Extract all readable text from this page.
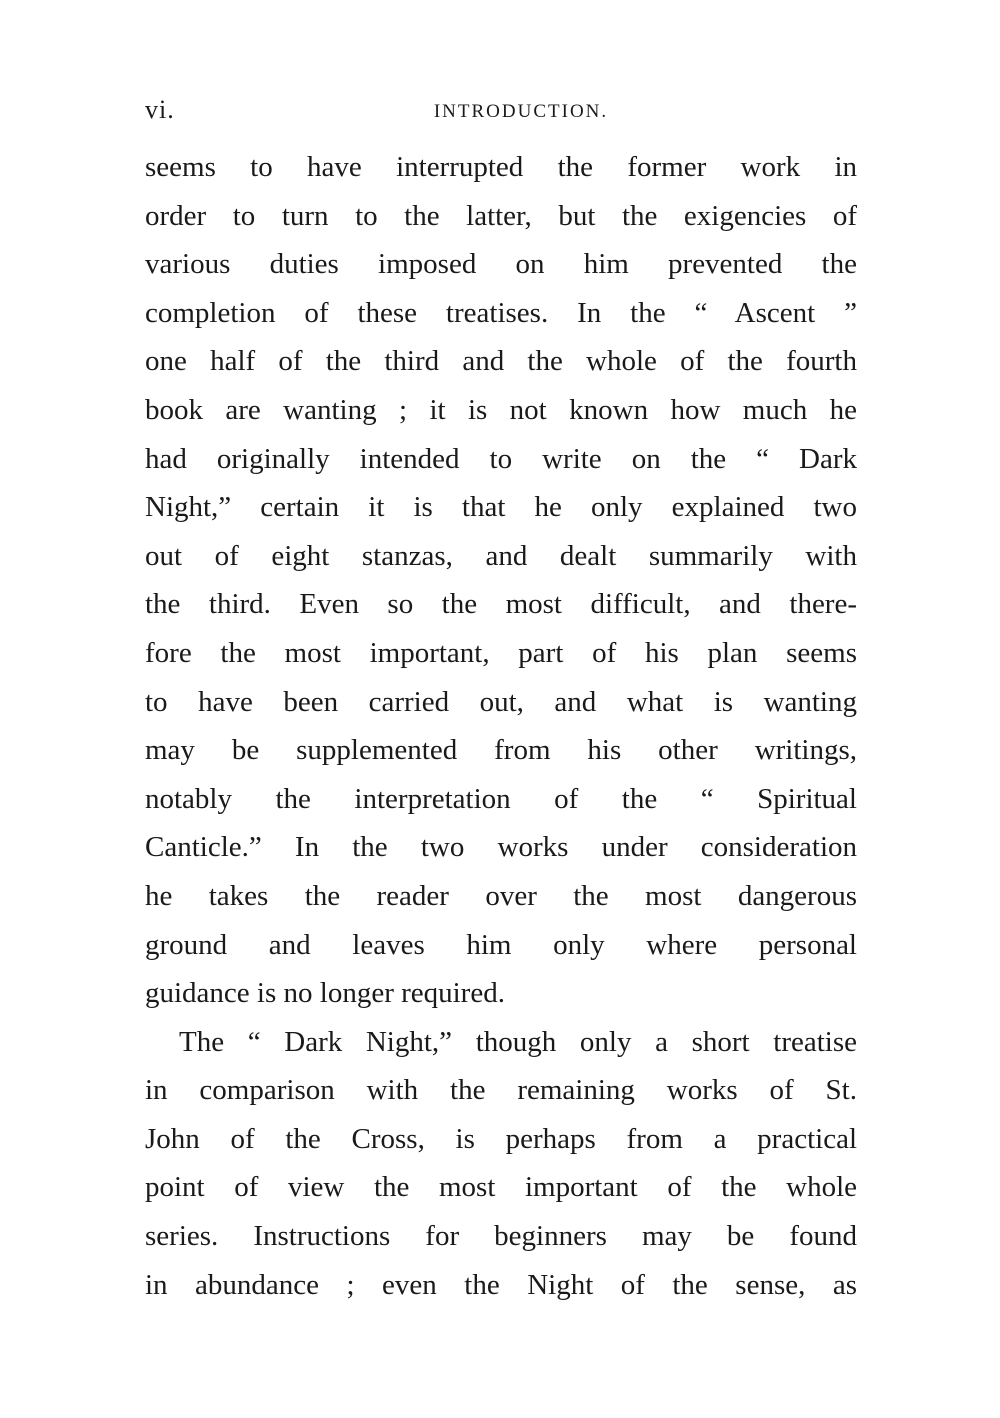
vi.	INTRODUCTION.
seems to have interrupted the former work in
order to turn to the latter, but the exigencies of
various duties imposed on him prevented the
completion of these treatises. In the “ Ascent ”
one half of the third and the whole of the fourth
book are wanting ; it is not known how much he
had originally intended to write on the “ Dark
Night,” certain it is that he only explained two
out of eight stanzas, and dealt summarily with
the third. Even so the most difficult, and there-
fore the most important, part of his plan seems
to have been carried out, and what is wanting
may be supplemented from his other writings,
notably the interpretation of the “ Spiritual
Canticle.” In the two works under consideration
he takes the reader over the most dangerous
ground and leaves him only where personal
guidance is no longer required.
The “ Dark Night,” though only a short treatise
in comparison with the remaining works of St.
John of the Cross, is perhaps from a practical
point of view the most important of the whole
series. Instructions for beginners may be found
in abundance ; even the Night of the sense, as
